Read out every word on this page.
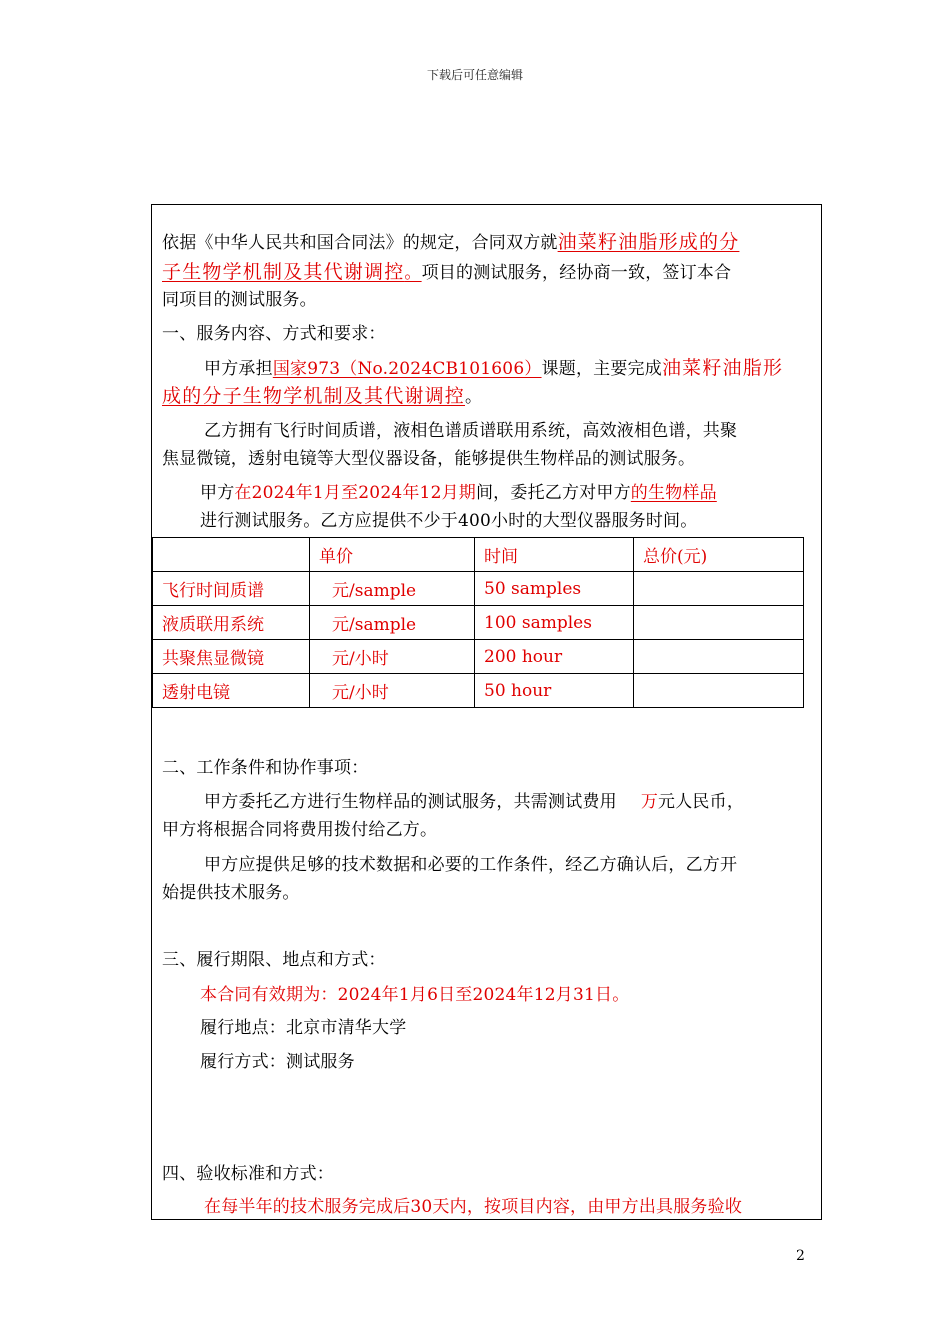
下载后可任意编辑
依据《中华人民共和国合同法》的规定，合同双方就油菜籽油脂形成的分
子生物学机制及其代谢调控。项目的测试服务，经协商一致，签订本合
同项目的测试服务。
一、服务内容、方式和要求：
甲方承担国家973（No.2024CB101606）课题，主要完成油菜籽油脂形
成的分子生物学机制及其代谢调控。
乙方拥有飞行时间质谱，液相色谱质谱联用系统，高效液相色谱，共聚
焦显微镜，透射电镜等大型仪器设备，能够提供生物样品的测试服务。
甲方在2024年1月至2024年12月期间，委托乙方对甲方的生物样品
进行测试服务。乙方应提供不少于400小时的大型仪器服务时间。
	单价	时间	总价(元)
飞行时间质谱	元/sample	50 samples	
液质联用系统	元/sample	100 samples	
共聚焦显微镜	元/小时	200 hour	
透射电镜	元/小时	50 hour	
二、工作条件和协作事项：
甲方委托乙方进行生物样品的测试服务，共需测试费用 万元人民币，
甲方将根据合同将费用拨付给乙方。
甲方应提供足够的技术数据和必要的工作条件，经乙方确认后，乙方开
始提供技术服务。
三、履行期限、地点和方式：
本合同有效期为：2024年1月6日至2024年12月31日。
履行地点：北京市清华大学
履行方式：测试服务
四、验收标准和方式：
在每半年的技术服务完成后30天内，按项目内容，由甲方出具服务验收
2
